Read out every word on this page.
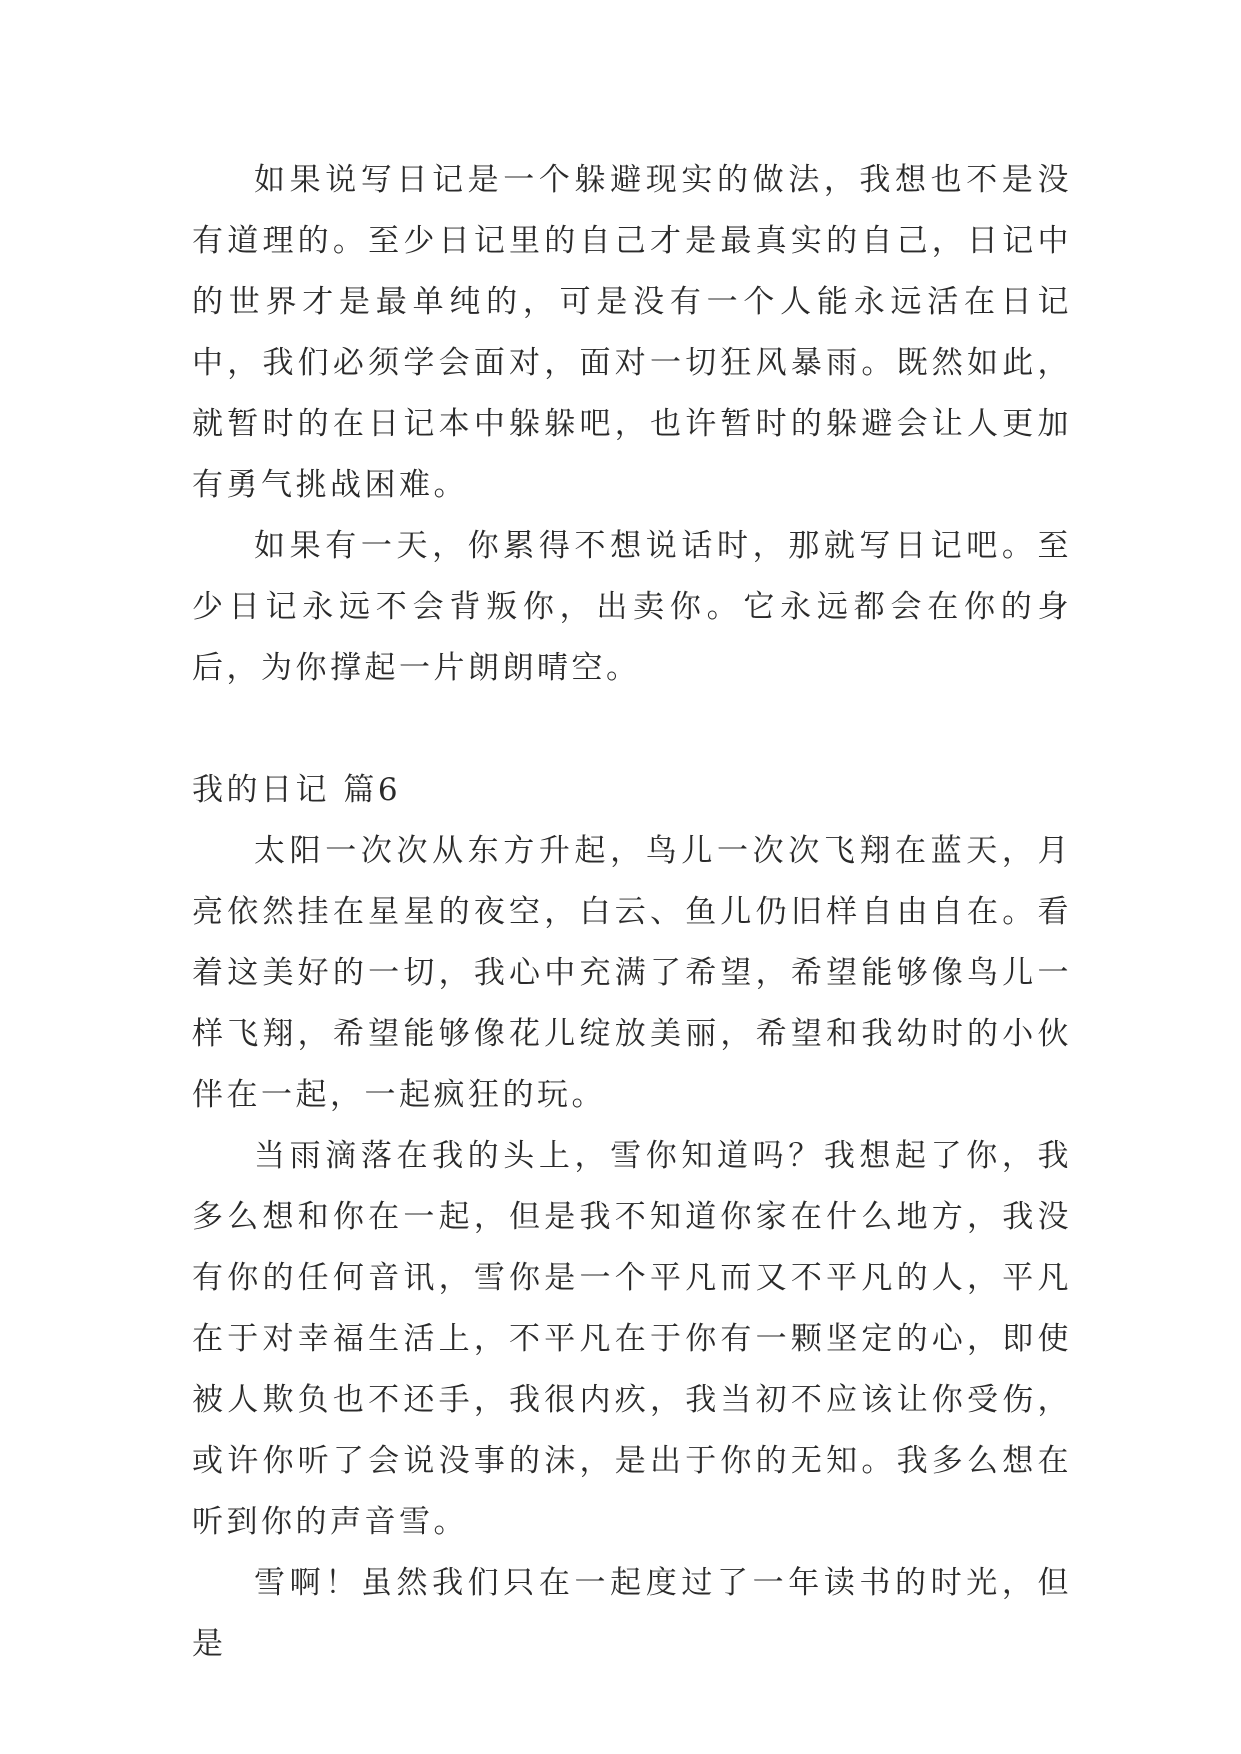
如果说写日记是一个躲避现实的做法，我想也不是没有道理的。至少日记里的自己才是最真实的自己，日记中的世界才是最单纯的，可是没有一个人能永远活在日记中，我们必须学会面对，面对一切狂风暴雨。既然如此，就暂时的在日记本中躲躲吧，也许暂时的躲避会让人更加有勇气挑战困难。

如果有一天，你累得不想说话时，那就写日记吧。至少日记永远不会背叛你，出卖你。它永远都会在你的身后，为你撑起一片朗朗晴空。

我的日记 篇6

太阳一次次从东方升起，鸟儿一次次飞翔在蓝天，月亮依然挂在星星的夜空，白云、鱼儿仍旧样自由自在。看着这美好的一切，我心中充满了希望，希望能够像鸟儿一样飞翔，希望能够像花儿绽放美丽，希望和我幼时的小伙伴在一起，一起疯狂的玩。

当雨滴落在我的头上，雪你知道吗？我想起了你，我多么想和你在一起，但是我不知道你家在什么地方，我没有你的任何音讯，雪你是一个平凡而又不平凡的人，平凡在于对幸福生活上，不平凡在于你有一颗坚定的心，即使被人欺负也不还手，我很内疚，我当初不应该让你受伤，或许你听了会说没事的沫，是出于你的无知。我多么想在听到你的声音雪。

雪啊！虽然我们只在一起度过了一年读书的时光，但是
